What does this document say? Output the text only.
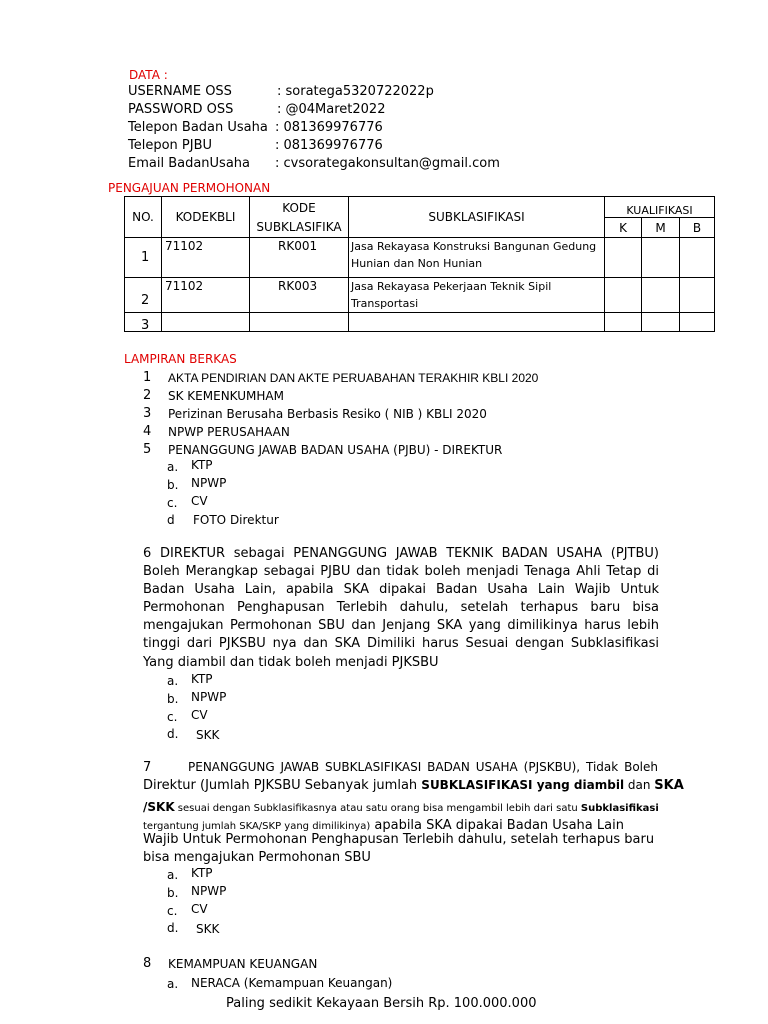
DATA :
USERNAME OSS	: soratega5320722022p
PASSWORD OSS	: @04Maret2022
Telepon Badan Usaha : 081369976776
Telepon PJBU	: 081369976776
Email BadanUsaha : cvsorategakonsultan@gmail.com
PENGAJUAN PERMOHONAN
NO.	KODEKBLI	KODE SUBKLASIFIKA	SUBKLASIFIKASI	KUALIFIKASI		
				K	M	B
1	71102	RK001	Jasa Rekayasa Konstruksi Bangunan Gedung Hunian dan Non Hunian			
2	71102	RK003	Jasa Rekayasa Pekerjaan Teknik Sipil Transportasi			
3						
LAMPIRAN BERKAS
1 AKTA PENDIRIAN DAN AKTE PERUABAHAN TERAKHIR KBLI 2020
2 SK KEMENKUMHAM
3 Perizinan Berusaha Berbasis Resiko ( NIB ) KBLI 2020
4 NPWP PERUSAHAAN
5 PENANGGUNG JAWAB BADAN USAHA (PJBU) - DIREKTUR
a. KTP
b. NPWP
c. CV
d FOTO Direktur
6 DIREKTUR sebagai PENANGGUNG JAWAB TEKNIK BADAN USAHA (PJTBU) Boleh Merangkap sebagai PJBU dan tidak boleh menjadi Tenaga Ahli Tetap di Badan Usaha Lain, apabila SKA dipakai Badan Usaha Lain Wajib Untuk Permohonan Penghapusan Terlebih dahulu, setelah terhapus baru bisa mengajukan Permohonan SBU dan Jenjang SKA yang dimilikinya harus lebih tinggi dari PJKSBU nya dan SKA Dimiliki harus Sesuai dengan Subklasifikasi Yang diambil dan tidak boleh menjadi PJKSBU
a. KTP
b. NPWP
c. CV
d. SKK
7	PENANGGUNG JAWAB SUBKLASIFIKASI BADAN USAHA (PJSKBU), Tidak Boleh
Direktur (Jumlah PJKSBU Sebanyak jumlah SUBKLASIFIKASI yang diambil dan SKA
/SKK sesuai dengan Subklasifikasnya atau satu orang bisa mengambil lebih dari satu Subklasifikasi
tergantung jumlah SKA/SKP yang dimilikinya) apabila SKA dipakai Badan Usaha Lain
Wajib Untuk Permohonan Penghapusan Terlebih dahulu, setelah terhapus baru
bisa mengajukan Permohonan SBU
a. KTP
b. NPWP
c. CV
d. SKK
8 KEMAMPUAN KEUANGAN
a. NERACA (Kemampuan Keuangan)
Paling sedikit Kekayaan Bersih Rp. 100.000.000
